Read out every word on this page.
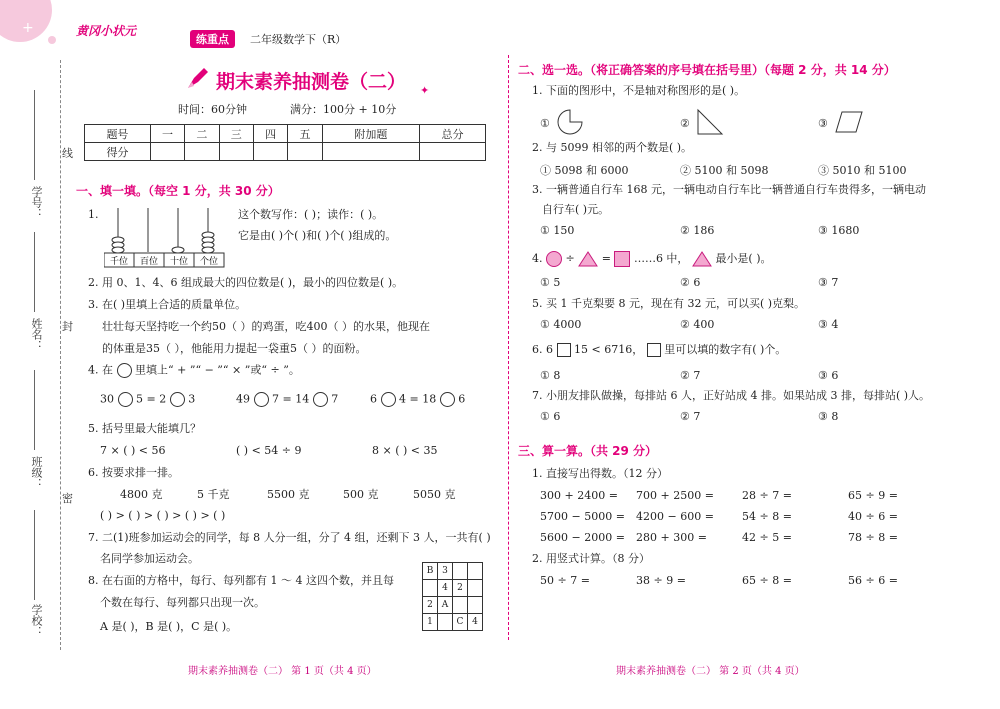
+	黄冈小状元
练重点	二年级数学下（R）
期末素养抽测卷（二） ✦
时间：60分钟	满分：100分 + 10分
题号	一	二	三	四	五	附加题	总分
得分							
线
封
密
学号：
姓名：
班级：
学校：
一、填一填。（每空 1 分，共 30 分）
1.
千位 百位 十位 个位
这个数写作：( )；读作：( )。
它是由( )个( )和( )个( )组成的。
2. 用 0、1、4、6 组成最大的四位数是( )，最小的四位数是( )。
3. 在( )里填上合适的质量单位。
壮壮每天坚持吃一个约50（ ）的鸡蛋，吃400（ ）的水果，他现在
的体重是35（ ），他能用力提起一袋重5（ ）的面粉。
4. 在 里填上“ + ”“ − ”“ × ”或“ ÷ ”。
30 5 = 2 3	49 7 = 14 7	6 4 = 18 6
5. 括号里最大能填几？
7 × ( ) < 56	( ) < 54 ÷ 9	8 × ( ) < 35
6. 按要求排一排。
4800 克	5 千克	5500 克	500 克	5050 克
( ) > ( ) > ( ) > ( ) > ( )
7. 二(1)班参加运动会的同学，每 8 人分一组，分了 4 组，还剩下 3 人，一共有( )
名同学参加运动会。
8. 在右面的方格中，每行、每列都有 1 ～ 4 这四个数，并且每
个数在每行、每列都只出现一次。
A 是( )，B 是( )，C 是( )。
B	3		
	4	2	
2	A		
1		C	4
二、选一选。（将正确答案的序号填在括号里）（每题 2 分，共 14 分）
1. 下面的图形中，不是轴对称图形的是( )。
①	②	③
2. 与 5099 相邻的两个数是( )。
① 5098 和 6000	② 5100 和 5098	③ 5010 和 5100
3. 一辆普通自行车 168 元，一辆电动自行车比一辆普通自行车贵得多，一辆电动
自行车( )元。
① 150	② 186	③ 1680
4. ÷ = ……6 中， 最小是( )。
① 5	② 6	③ 7
5. 买 1 千克梨要 8 元，现在有 32 元，可以买( )克梨。
① 4000	② 400	③ 4
6. 6 15 < 6716， 里可以填的数字有( )个。
① 8	② 7	③ 6
7. 小朋友排队做操，每排站 6 人，正好站成 4 排。如果站成 3 排，每排站( )人。
① 6	② 7	③ 8
三、算一算。（共 29 分）
1. 直接写出得数。（12 分）
300 + 2400 = 700 + 2500 =	28 ÷ 7 =	65 ÷ 9 =
5700 − 5000 = 4200 − 600 =	54 ÷ 8 =	40 ÷ 6 =
5600 − 2000 = 280 + 300 =	42 ÷ 5 =	78 ÷ 8 =
2. 用竖式计算。（8 分）
50 ÷ 7 =	38 ÷ 9 =	65 ÷ 8 =	56 ÷ 6 =
期末素养抽测卷（二） 第 1 页（共 4 页）	期末素养抽测卷（二） 第 2 页（共 4 页）
